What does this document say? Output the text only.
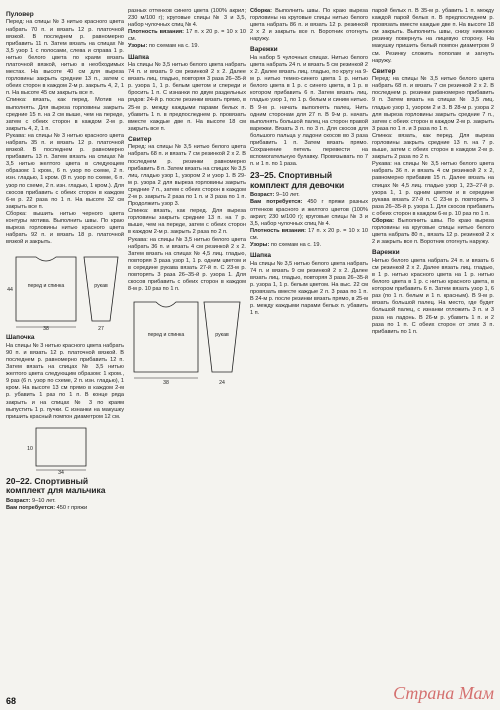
Пуловер

Перед: на спицы № 3 нитью красного цвета набрать 70 п. и вязать 12 р. платочной вязкой. В последнем р. равномерно прибавить 11 п. Затем вязать на спицах № 3,5 узор 1 с полосами, слева и справа 1 р. нитью белого цвета по краям вязать платочной вязкой, нитью в необходимых местах. На высоте 40 см для выреза горловины закрыть средние 13 п., затем с обеих сторон в каждом 2-м р. закрыть 4, 2, 1 п. На высоте 45 см закрыть все п.

Спинка: вязать, как перед. Мотив на выполнять. Для выреза горловины закрыть средние 15 п. на 2 см выше, чем на переде, затем с обеих сторон в каждом 2-м р. закрыть 4, 2, 1 п.

Рукава: на спицы № 3 нитью красного цвета набрать 35 п. и вязать 12 р. платочной вязкой. В последнем р. равномерно прибавить 13 п. Затем вязать на спицах № 3,5 нитью желтого цвета в следующем образом: 1 кром., 6 п. узор по схеме, 2 п. изн. гладью, 1 кром. (8 п. узор по схеме, 6 п. узор по схеме, 2 п. изн. гладью, 1 кром.). Для скосов прибавить с обеих сторон в каждом 6-м р. 22 раза по 1 п. На высоте 32 см закрыть все п.

Сборка: вышить нитью черного цвета контуры мотива. Выполнить швы. По краю выреза горловины нитью красного цвета набрать 92 п. и вязать 18 р. платочной вязкой и закрыть.

перед и спинка	рукав
38
44
27
Шапочка

На спицы № 3 нитью красного цвета набрать 90 п. и вязать 12 р. платочной вязкой. В последнем р. равномерно прибавить 12 п. Затем вязать на спицах № 3,5 нитью желтого цвета следующим образом: 1 кром., 9 раз (6 п. узор по схеме, 2 п. изн. гладью), 1 кром. На высоте 13 см прямо в каждом 2-м р. убавить 1 раз по 1 п. В конце ряда закрыть и на спицах № 3 по краям выпустить 1 р. пучки. С изнанки на макушку пришить красный помпон диаметром 12 см.

34
10
20–22. Спортивный комплект для мальчика

Возраст: 9–10 лет.

Вам потребуется: 450 г пряжи

разных оттенков синего цвета (100% акрил; 230 м/100 г); круговые спицы № 3 и 3,5, набор чулочных спиц № 4.

Плотность вязания: 17 п. х 20 р. = 10 х 10 см.

Узоры: по схемам на с. 19.

Шапка

На спицы № 3,5 нитью белого цвета набрать 74 п. и вязать 9 см резинкой 2 х 2. Далее вязать лиц. гладью, повторяя 3 раза 26–35-й р. узора 1, 1 р. белым цветом и спереди и бросить 1 п. С изнанки по двум раздельных рядов: 24-й р. после резинки вязать прямо, в 25-м р. между каждыми парами белых п. убавить 1 п. в предпоследнем р. провязать вместе каждые две п. На высоте 18 см закрыть все п.

Свитер

Перед: на спицы № 3,5 нитью белого цвета набрать 68 п. и вязать 7 см резинкой 2 х 2. В последнем р. резинки равномерно прибавить 8 п. Затем вязать на спицах № 3,5 лиц. гладью узор 1, узором 2 и узор 1. В 29-м р. узора 2 для выреза горловины закрыть средние 7 п., затем с обеих сторон в каждом 2-м р. закрыть 2 раза по 1 п. и 3 раза по 1 п. Продолжить узор 3.

Спинка: вязать, как перед. Для выреза горловины закрыть средние 13 п. на 7 р. выше, чем на переде, затем с обеих сторон в каждом 2-м р. закрыть 2 раза по 2 п.

Рукава: на спицы № 3,5 нитью белого цвета набрать 36 п. и вязать 4 см резинкой 2 х 2. Затем вязать на спицах № 4,5 лиц. гладью, повторяя 3 раза узор 1, 1 р. одним цветом и в середине рукава вязать 27-й п. С 23-м р. повторять 3 раза 26–35-й р. узора 1. Для скосов прибавить с обеих сторон в каждом 8-м р. 10 раз по 1 п.

перед и спинка	рукав
38	24

Сборка: Выполнить швы. По краю выреза горловины на круговые спицы нитью белого цвета набрать 86 п. и вязать 12 р. резинкой 2 х 2 и закрыть все п. Воротник отогнуть наружу.

Варежки

На набор 5 чулочных спицах. Нитью белого цвета набрать 24 п. и вязать 5 см резинкой 2 х 2. Далее вязать лиц. гладью, по кругу на 9-м р. нитью темно-синего цвета 1 р. нитью белого цвета в 1 р. с синего цвета, в 1 р. в котором прибавить 6 п. Затем вязать лиц. гладью узор 1, по 1 р. белым и синим нитью. В 9-м р. начать выполнять палец. Нить одним сторонам для 27 п. В 9-м р. начать выполнять большой палец на сторон правой варежки. Вязать 3 п. по 3 п. Для скосов для большого пальца у ладони скосов во 3 раза прибавить 1 п. Затем вязать прямо. Сохранение петель перевести на вспомогательную булавку. Провязывать по 7 п. и 1 п. по 1 раза.

23–25. Спортивный комплект для девочки

Возраст: 9–10 лет.

Вам потребуется: 450 г пряжи разных оттенков красного и желтого цветов (100% акрил; 230 м/100 г); круговые спицы № 3 и 3,5, набор чулочных спиц № 4.

Плотность вязания: 17 п. х 20 р. = 10 х 10 см.

Узоры: по схемам на с. 19.

Шапка

На спицы № 3,5 нитью белого цвета набрать 74 п. и вязать 9 см резинкой 2 х 2. Далее вязать лиц. гладью, повторяя 3 раза 26–35-й р. узора 1, 1 р. белым цветом. На выс. 22 см провязать вместе каждые 2 п. 3 раза по 1 п. В 24-м р. после резинки вязать прямо, в 25-м р. между каждыми парами белых п. убавить 1 п.

парой белых п. В 35-м р. убавить 1 п. между каждой парой белых п. В предпоследнем р. провязать вместе каждые две п. На высоте 18 см закрыть. Выполнить швы, снизу нижнюю резинку повернуть на лицевую сторону. На макушку пришить белый помпон диаметром 9 см. Резинку сложить пополам и загнуть наружу.

Свитер

Перед: на спицы № 3,5 нитью белого цвета набрать 68 п. и вязать 7 см резинкой 2 х 2. В последнем р. резинки равномерно прибавить 9 п. Затем вязать на спицах № 3,5 лиц. гладью узор 1, узором 2 и 3. В 28-м р. узора 2 для выреза горловины закрыть средние 7 п., затем с обеих сторон в каждом 2-м р. закрыть 3 раза по 1 п. и 3 раза по 1 п.

Спинка: вязать, как перед. Для выреза горловины закрыть средние 13 п. на 7 р. выше, затем с обеих сторон в каждом 2-м р. закрыть 2 раза по 2 п.

Рукава: на спицы № 3,5 нитью белого цвета набрать 36 п. и вязать 4 см резинкой 2 х 2, равномерно прибавив 15 п. Далее вязать на спицах № 4,5 лиц. гладью узор 1, 23–27-й р. узора 1, 1 р. одним цветом и в середине рукава вязать 27-й п. С 23-м р. повторять 3 раза 26–35-й р. узора 1. Для скосов прибавить с обеих сторон в каждом 6-м р. 10 раз по 1 п.

Сборка: Выполнить швы. По краю выреза горловины на круговые спицы нитью белого цвета набрать 80 п., вязать 12 р. резинкой 2 х 2 и закрыть все п. Воротник отогнуть наружу.

Варежки

Нитью белого цвета набрать 24 п. и вязать 6 см резинкой 2 х 2. Далее вязать лиц. гладью, в 1 р. нитью красного цвета на 1 р. нитью белого цвета в 1 р. с нитью красного цвета, в котором прибавить 6 п. Затем вязать узор 1, 6 раз (по 1 п. белым и 1 п. красным). В 9-м р. вязать большой палец. На место, где будет большой палец, с изнанки отложить 3 п. и 3 раза на ладонь. В 26-м р. убавить 1 п. и 2 раза по 1 п. С обеих сторон от этих 3 п. прибавить по 1 п.

68	Страна Мам
